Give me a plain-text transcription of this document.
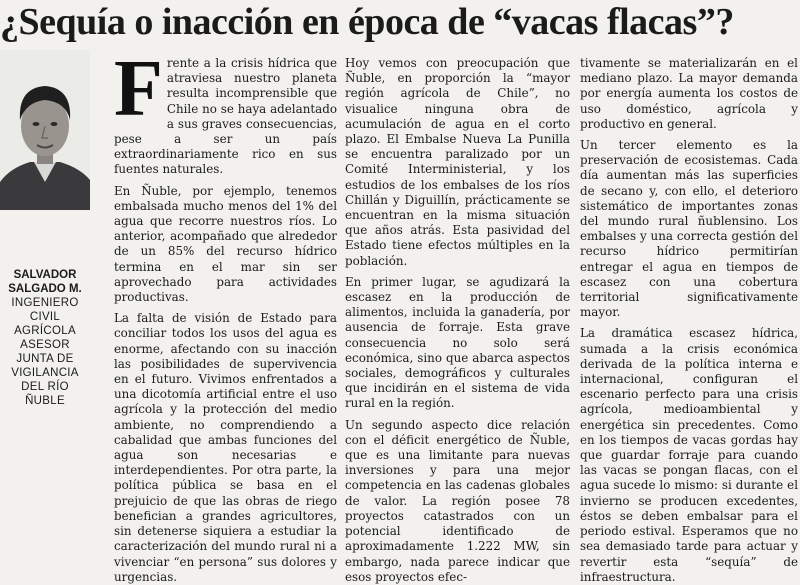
¿Sequía o inacción en época de “vacas flacas”?
SALVADOR
SALGADO M.
INGENIERO
CIVIL
AGRÍCOLA
ASESOR
JUNTA DE
VIGILANCIA
DEL RÍO
ÑUBLE

Frente a la crisis hídrica que atraviesa nuestro planeta resulta incomprensible que Chile no se haya adelantado a sus graves consecuencias, pese a ser un país extraordinariamente rico en sus fuentes naturales.

En Ñuble, por ejemplo, tenemos embalsada mucho menos del 1% del agua que recorre nuestros ríos. Lo anterior, acompañado que alrededor de un 85% del recurso hídrico termina en el mar sin ser aprovechado para actividades productivas.

La falta de visión de Estado para conciliar todos los usos del agua es enorme, afectando con su inacción las posibilidades de supervivencia en el futuro. Vivimos enfrentados a una dicotomía artificial entre el uso agrícola y la protección del medio ambiente, no comprendiendo a cabalidad que ambas funciones del agua son necesarias e interdependientes. Por otra parte, la política pública se basa en el prejuicio de que las obras de riego benefician a grandes agricultores, sin detenerse siquiera a estudiar la caracterización del mundo rural ni a vivenciar “en persona” sus dolores y urgencias.

Hoy vemos con preocupación que Ñuble, en proporción la “mayor región agrícola de Chile”, no visualice ninguna obra de acumulación de agua en el corto plazo. El Embalse Nueva La Punilla se encuentra paralizado por un Comité Interministerial, y los estudios de los embalses de los ríos Chillán y Diguillín, prácticamente se encuentran en la misma situación que años atrás. Esta pasividad del Estado tiene efectos múltiples en la población.

En primer lugar, se agudizará la escasez en la producción de alimentos, incluida la ganadería, por ausencia de forraje. Esta grave consecuencia no solo será económica, sino que abarca aspectos sociales, demográficos y culturales que incidirán en el sistema de vida rural en la región.

Un segundo aspecto dice relación con el déficit energético de Ñuble, que es una limitante para nuevas inversiones y para una mejor competencia en las cadenas globales de valor. La región posee 78 proyectos catastrados con un potencial identificado de aproximadamente 1.222 MW, sin embargo, nada parece indicar que esos proyectos efec-

tivamente se materializarán en el mediano plazo. La mayor demanda por energía aumenta los costos de uso doméstico, agrícola y productivo en general.

Un tercer elemento es la preservación de ecosistemas. Cada día aumentan más las superficies de secano y, con ello, el deterioro sistemático de importantes zonas del mundo rural ñublensino. Los embalses y una correcta gestión del recurso hídrico permitirían entregar el agua en tiempos de escasez con una cobertura territorial significativamente mayor.

La dramática escasez hídrica, sumada a la crisis económica derivada de la política interna e internacional, configuran el escenario perfecto para una crisis agrícola, medioambiental y energética sin precedentes. Como en los tiempos de vacas gordas hay que guardar forraje para cuando las vacas se pongan flacas, con el agua sucede lo mismo: si durante el invierno se producen excedentes, éstos se deben embalsar para el periodo estival. Esperamos que no sea demasiado tarde para actuar y revertir esta “sequía” de infraestructura.
